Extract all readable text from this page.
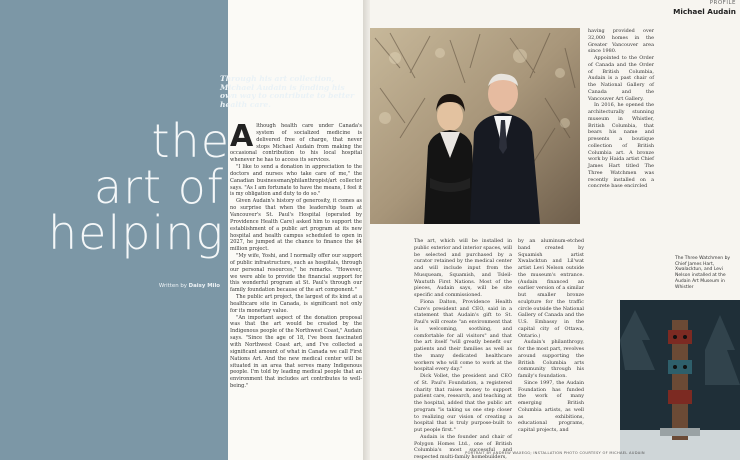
Through his art collection, Michael Audain is finding his own way to contribute to better health care.
the
art of
helping
Written by Daisy Milo

Although health care under Canada's system of socialized medicine is delivered free of charge, that never stops Michael Audain from making the occasional contribution to his local hospital whenever he has to access its services.

"I like to send a donation in appreciation to the doctors and nurses who take care of me," the Canadian businessman/philanthropist/art collector says. "As I am fortunate to have the means, I feel it is my obligation and duty to do so."

Given Audain's history of generosity, it comes as no surprise that when the leadership team at Vancouver's St. Paul's Hospital (operated by Providence Health Care) asked him to support the establishment of a public art program at its new hospital and health campus scheduled to open in 2027, he jumped at the chance to finance the $4 million project.

"My wife, Yoshi, and I normally offer our support of public infrastructure, such as hospitals, through our personal resources," he remarks. "However, we were able to provide the financial support for this wonderful program at St. Paul's through our family foundation because of the art component."

The public art project, the largest of its kind at a healthcare site in Canada, is significant not only for its monetary value.

"An important aspect of the donation proposal was that the art would be created by the Indigenous people of the Northwest Coast," Audain says. "Since the age of 18, I've been fascinated with Northwest Coast art, and I've collected a significant amount of what in Canada we call First Nations Art. And the new medical center will be situated in an area that serves many Indigenous people. I'm told by leading medical people that an environment that includes art contributes to well-being."

PROFILE
Michael Audain

The art, which will be installed in public exterior and interior spaces, will be selected and purchased by a curator retained by the medical center and will include input from the Musqueam, Squamish, and Tsleil-Waututh First Nations. Most of the pieces, Audain says, will be site specific and commissioned.

Fiona Dalton, Providence Health Care's president and CEO, said in a statement that Audain's gift to St. Paul's will create "an environment that is welcoming, soothing, and comfortable for all visitors" and that the art itself "will greatly benefit our patients and their families as well as the many dedicated healthcare workers who will come to work at the hospital every day."

Dick Vollet, the president and CEO of St. Paul's Foundation, a registered charity that raises money to support patient care, research, and teaching at the hospital, added that the public art program "is taking us one step closer to realizing our vision of creating a hospital that is truly purpose-built to put people first."

Audain is the founder and chair of Polygon Homes Ltd., one of British Columbia's most successful and respected multi-family homebuilders,

by an aluminum-etched band created by Squamish artist Xwalacktun and Lil'wat artist Levi Nelson outside the museum's entrance. (Audain financed an earlier version of a similar but smaller bronze sculpture for the traffic circle outside the National Gallery of Canada and the U.S. Embassy in the capital city of Ottawa, Ontario.)

Audain's philanthropy, for the most part, revolves around supporting the British Columbia arts community through his family's foundation.

Since 1997, the Audain Foundation has funded the work of many emerging British Columbia artists, as well as exhibitions, educational programs, capital projects, and

having provided over 32,000 homes in the Greater Vancouver area since 1980.

Appointed to the Order of Canada and the Order of British Columbia, Audain is a past chair of the National Gallery of Canada and the Vancouver Art Gallery.

In 2016, he opened the architecturally stunning museum in Whistler, British Columbia, that bears his name and presents a boutique collection of British Columbia art. A bronze work by Haida artist Chief James Hart titled The Three Watchmen was recently installed on a concrete base encircled

The Three Watchmen by Chief James Hart, Xwalacktun, and Levi Nelson installed at the Audain Art Museum in Whistler
PORTRAIT BY ANDREW WAXEGG; INSTALLATION PHOTO COURTESY OF MICHAEL AUDAIN
